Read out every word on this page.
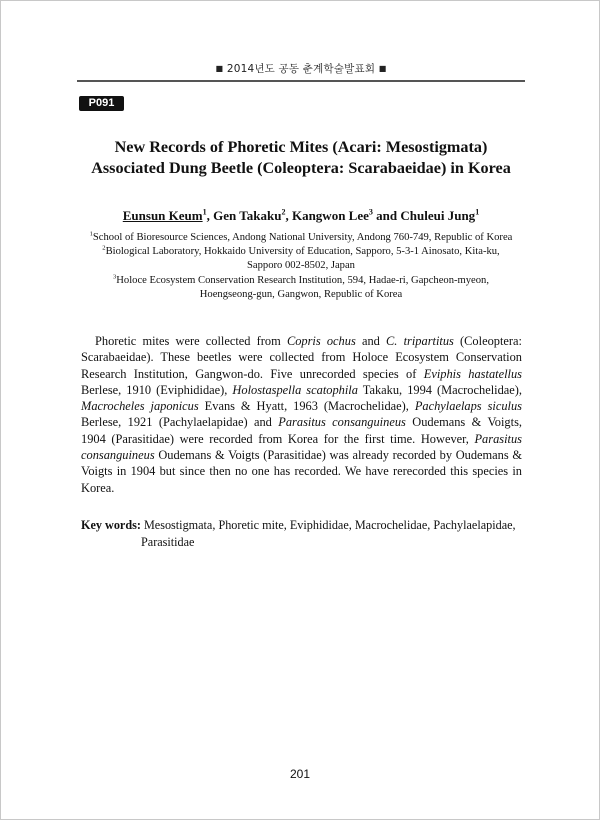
■ 2014년도 공동 춘계학술발표회 ■
P091
New Records of Phoretic Mites (Acari: Mesostigmata)
Associated Dung Beetle (Coleoptera: Scarabaeidae) in Korea
Eunsun Keum$^1$, Gen Takaku$^2$, Kangwon Lee$^3$ and Chuleui Jung$^1$
$^1$School of Bioresource Sciences, Andong National University, Andong 760-749, Republic of Korea
$^2$Biological Laboratory, Hokkaido University of Education, Sapporo, 5-3-1 Ainosato, Kita-ku,
Sapporo 002-8502, Japan
$^3$Holoce Ecosystem Conservation Research Institution, 594, Hadae-ri, Gapcheon-myeon,
Hoengseong-gun, Gangwon, Republic of Korea

Phoretic mites were collected from Copris ochus and C. tripartitus (Coleoptera: Scarabaeidae). These beetles were collected from Holoce Ecosystem Conservation Research Institution, Gangwon-do. Five unrecorded species of Eviphis hastatellus Berlese, 1910 (Eviphididae), Holostaspella scatophila Takaku, 1994 (Macrochelidae), Macrocheles japonicus Evans & Hyatt, 1963 (Macrochelidae), Pachylaelaps siculus Berlese, 1921 (Pachylaelapidae) and Parasitus consanguineus Oudemans & Voigts, 1904 (Parasitidae) were recorded from Korea for the first time. However, Parasitus consanguineus Oudemans & Voigts (Parasitidae) was already recorded by Oudemans & Voigts in 1904 but since then no one has recorded. We have rerecorded this species in Korea.

Key words: Mesostigmata, Phoretic mite, Eviphididae, Macrochelidae, Pachylaelapidae,
Parasitidae
201
